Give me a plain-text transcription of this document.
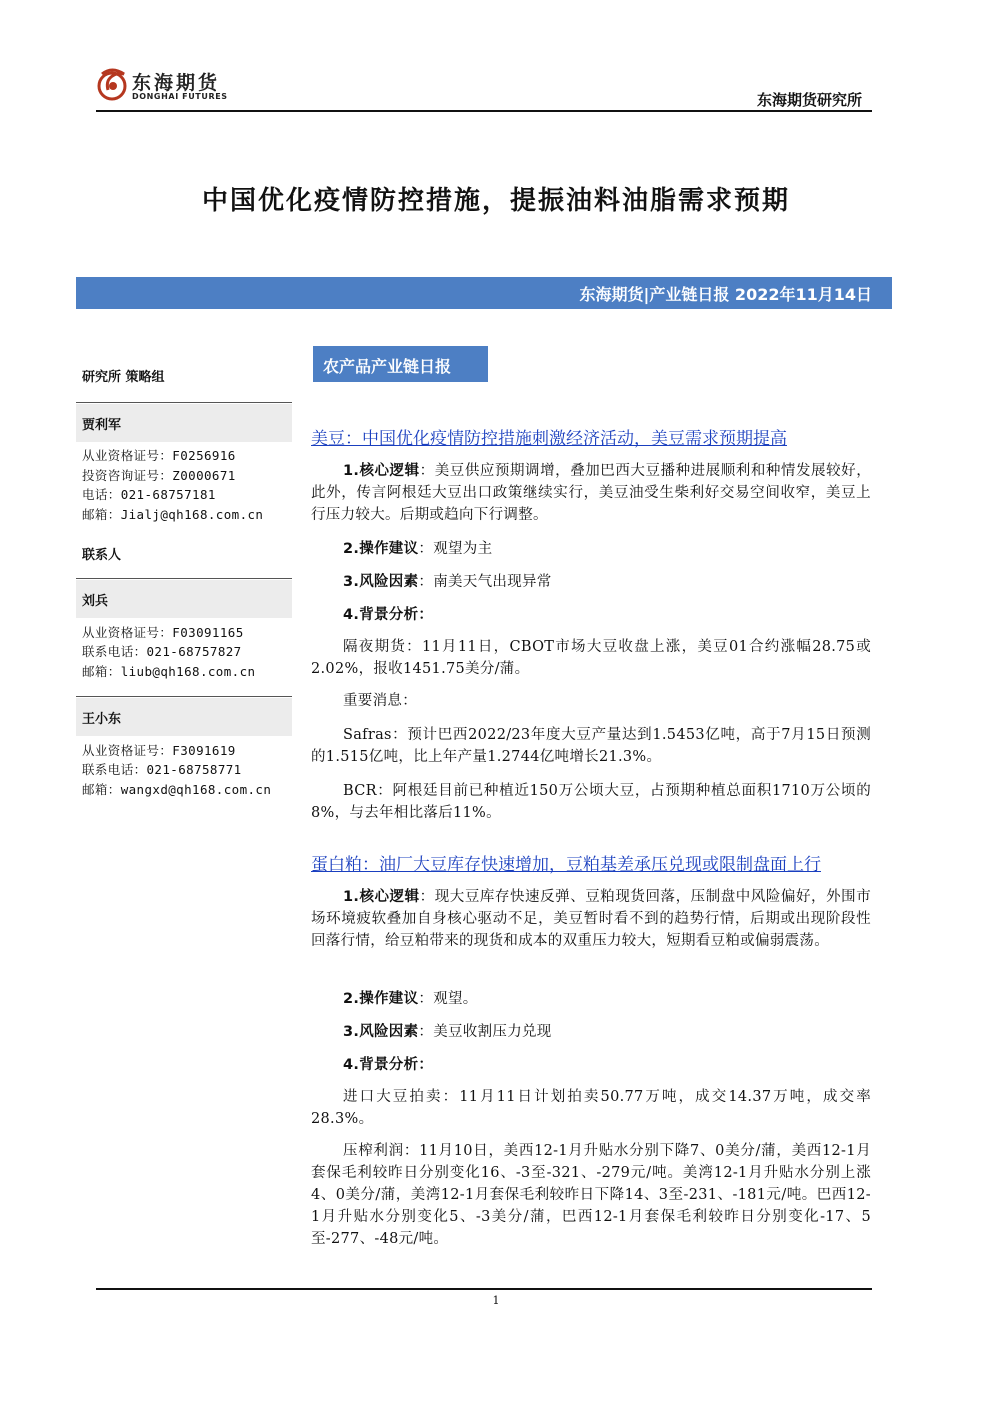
东海期货
DONGHAI FUTURES	东海期货研究所
中国优化疫情防控措施，提振油料油脂需求预期
东海期货|产业链日报 2022年11月14日
研究所 策略组
贾利军
从业资格证号：F0256916
投资咨询证号：Z0000671
电话：021-68757181
邮箱：Jialj@qh168.com.cn
联系人
刘兵
从业资格证号：F03091165
联系电话：021-68757827
邮箱：liub@qh168.com.cn
王小东
从业资格证号：F3091619
联系电话：021-68758771
邮箱：wangxd@qh168.com.cn
农产品产业链日报
美豆：中国优化疫情防控措施刺激经济活动，美豆需求预期提高
1.核心逻辑：美豆供应预期调增，叠加巴西大豆播种进展顺利和种情发展较好，此外，传言阿根廷大豆出口政策继续实行，美豆油受生柴利好交易空间收窄，美豆上行压力较大。后期或趋向下行调整。
2.操作建议：观望为主
3.风险因素：南美天气出现异常
4.背景分析：
隔夜期货：11月11日，CBOT市场大豆收盘上涨，美豆01合约涨幅28.75或2.02%，报收1451.75美分/蒲。
重要消息：
Safras：预计巴西2022/23年度大豆产量达到1.5453亿吨，高于7月15日预测的1.515亿吨，比上年产量1.2744亿吨增长21.3%。
BCR：阿根廷目前已种植近150万公顷大豆，占预期种植总面积1710万公顷的8%，与去年相比落后11%。
蛋白粕：油厂大豆库存快速增加，豆粕基差承压兑现或限制盘面上行
1.核心逻辑：现大豆库存快速反弹、豆粕现货回落，压制盘中风险偏好，外围市场环境疲软叠加自身核心驱动不足，美豆暂时看不到的趋势行情，后期或出现阶段性回落行情，给豆粕带来的现货和成本的双重压力较大，短期看豆粕或偏弱震荡。
2.操作建议：观望。
3.风险因素：美豆收割压力兑现
4.背景分析：
进口大豆拍卖：11月11日计划拍卖50.77万吨，成交14.37万吨，成交率28.3%。
压榨利润：11月10日，美西12-1月升贴水分别下降7、0美分/蒲，美西12-1月套保毛利较昨日分别变化16、-3至-321、-279元/吨。美湾12-1月升贴水分别上涨4、0美分/蒲，美湾12-1月套保毛利较昨日下降14、3至-231、-181元/吨。巴西12-1月升贴水分别变化5、-3美分/蒲，巴西12-1月套保毛利较昨日分别变化-17、5至-277、-48元/吨。
1
